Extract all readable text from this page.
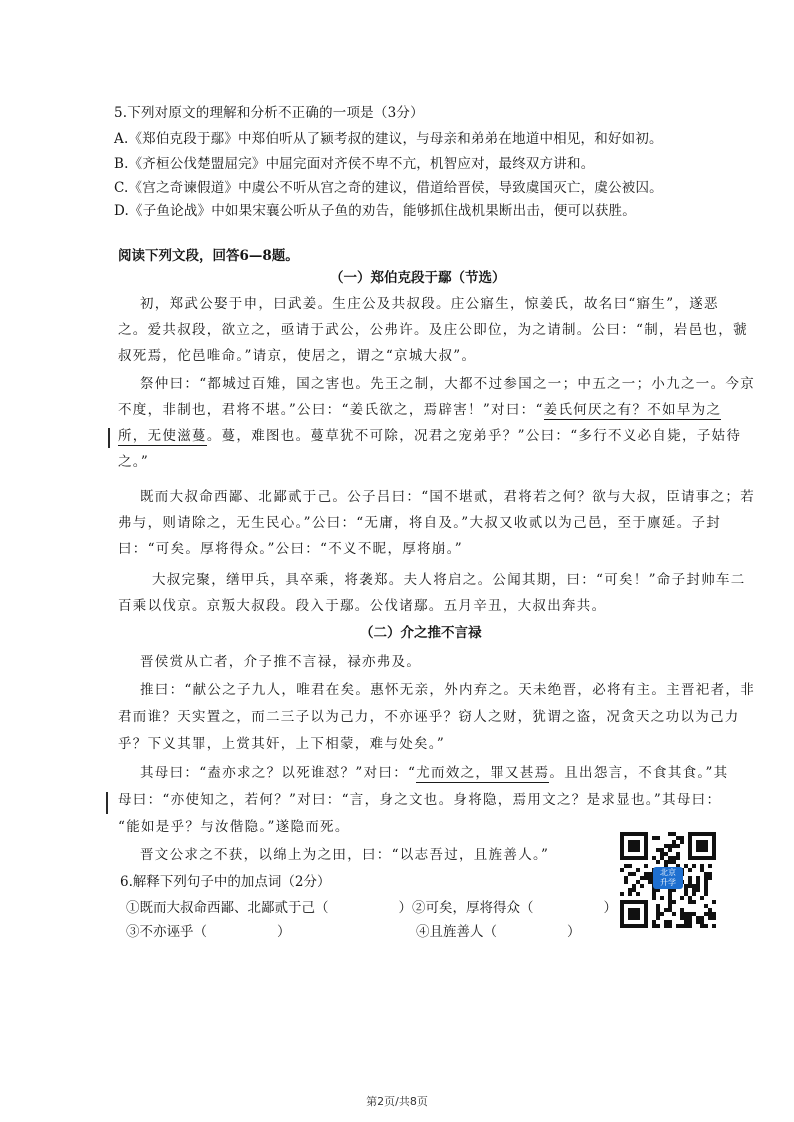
5.下列对原文的理解和分析不正确的一项是（3分）
A.《郑伯克段于鄢》中郑伯听从了颍考叔的建议，与母亲和弟弟在地道中相见，和好如初。
B.《齐桓公伐楚盟屈完》中屈完面对齐侯不卑不亢，机智应对，最终双方讲和。
C.《宫之奇谏假道》中虞公不听从宫之奇的建议，借道给晋侯，导致虞国灭亡，虞公被囚。
D.《子鱼论战》中如果宋襄公听从子鱼的劝告，能够抓住战机果断出击，便可以获胜。
阅读下列文段，回答6—8题。
（一）郑伯克段于鄢（节选）
初，郑武公娶于申，曰武姜。生庄公及共叔段。庄公寤生，惊姜氏，故名曰“寤生”，遂恶
之。爱共叔段，欲立之，亟请于武公，公弗许。及庄公即位，为之请制。公曰：“制，岩邑也，虢
叔死焉，佗邑唯命。”请京，使居之，谓之“京城大叔”。
祭仲曰：“都城过百雉，国之害也。先王之制，大都不过参国之一；中五之一；小九之一。今京
不度，非制也，君将不堪。”公曰：“姜氏欲之，焉辟害！”对曰：“姜氏何厌之有？不如早为之
所，无使滋蔓。蔓，难图也。蔓草犹不可除，况君之宠弟乎？”公曰：“多行不义必自毙，子姑待
之。”
既而大叔命西鄙、北鄙贰于己。公子吕曰：“国不堪贰，君将若之何？欲与大叔，臣请事之；若
弗与，则请除之，无生民心。”公曰：“无庸，将自及。”大叔又收贰以为己邑，至于廪延。子封
曰：“可矣。厚将得众。”公曰：“不义不昵，厚将崩。”
大叔完聚，缮甲兵，具卒乘，将袭郑。夫人将启之。公闻其期，曰：“可矣！”命子封帅车二
百乘以伐京。京叛大叔段。段入于鄢。公伐诸鄢。五月辛丑，大叔出奔共。
（二）介之推不言禄
晋侯赏从亡者，介子推不言禄，禄亦弗及。
推曰：“献公之子九人，唯君在矣。惠怀无亲，外内弃之。天未绝晋，必将有主。主晋祀者，非
君而谁？天实置之，而二三子以为己力，不亦诬乎？窃人之财，犹谓之盗，况贪天之功以为己力
乎？下义其罪，上赏其奸，上下相蒙，难与处矣。”
其母曰：“盍亦求之？以死谁怼？”对曰：“尤而效之，罪又甚焉。且出怨言，不食其食。”其
母曰：“亦使知之，若何？”对曰：“言，身之文也。身将隐，焉用文之？是求显也。”其母曰：
“能如是乎？与汝偕隐。”遂隐而死。
晋文公求之不获，以绵上为之田，曰：“以志吾过，且旌善人。”
6.解释下列句子中的加点词（2分）
①既而大叔命西鄙、北鄙贰于己（	）②可矣，厚将得众（	）
③不亦诬乎（	）	④且旌善人（	）
北京
升学
第2页/共8页
